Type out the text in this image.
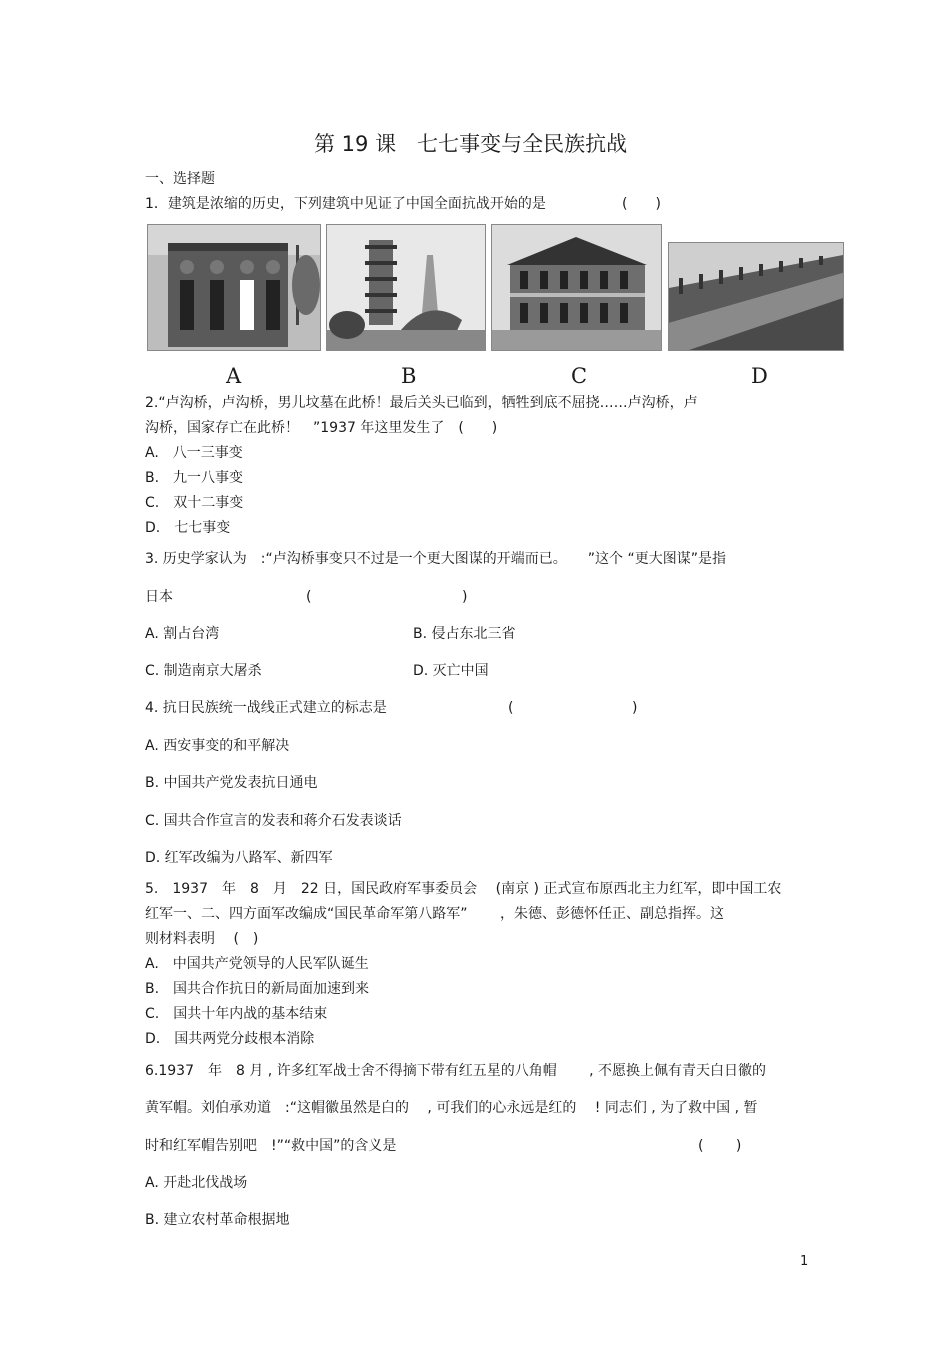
第 19 课　七七事变与全民族抗战
一、选择题
1．建筑是浓缩的历史，下列建筑中见证了中国全面抗战开始的是	(　　)
A	B	C	D
2.“卢沟桥，卢沟桥，男儿坟墓在此桥！最后关头已临到，牺牲到底不屈挠……卢沟桥，卢
沟桥，国家存亡在此桥！　”1937 年这里发生了　(　　)
A.　八一三事变
B.　九一八事变
C.　双十二事变
D.　七七事变
3. 历史学家认为　:“卢沟桥事变只不过是一个更大图谋的开端而已。　　”这个 “更大图谋”是指
日本	(	)
A. 割占台湾	B. 侵占东北三省
C. 制造南京大屠杀	D. 灭亡中国
4. 抗日民族统一战线正式建立的标志是	(	)
A. 西安事变的和平解决
B. 中国共产党发表抗日通电
C. 国共合作宣言的发表和蒋介石发表谈话
D. 红军改编为八路军、新四军
5.　1937　年　8　月　22 日，国民政府军事委员会　 (南京 ) 正式宣布原西北主力红军，即中国工农
红军一、二、四方面军改编成“国民革命军第八路军”　　 ，朱德、彭德怀任正、副总指挥。这
则材料表明　 (　)
A.　中国共产党领导的人民军队诞生
B.　国共合作抗日的新局面加速到来
C.　国共十年内战的基本结束
D.　国共两党分歧根本消除
6.1937　年　8 月 , 许多红军战士舍不得摘下带有红五星的八角帽　　 , 不愿换上佩有青天白日徽的
黄军帽。刘伯承劝道　:“这帽徽虽然是白的　 , 可我们的心永远是红的　 ! 同志们 , 为了救中国 , 暂
时和红军帽告别吧　!”“救中国”的含义是	(　　 )
A. 开赴北伐战场
B. 建立农村革命根据地
1
